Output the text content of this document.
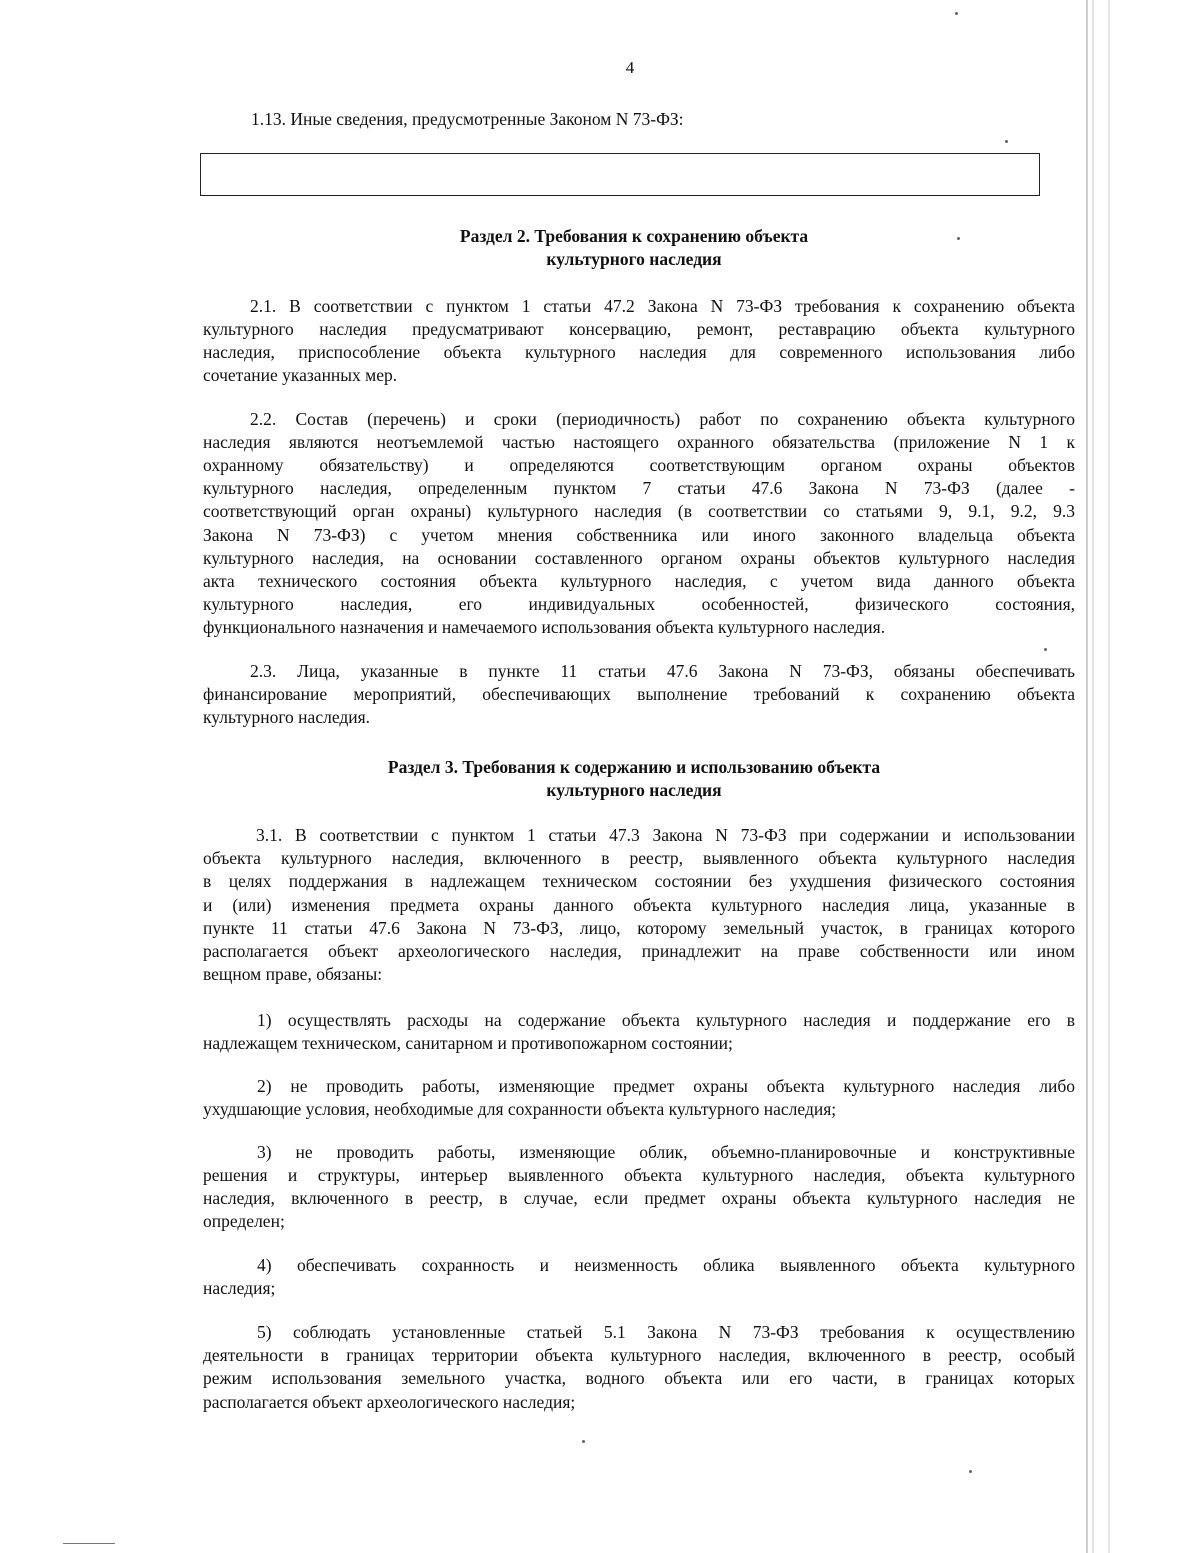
4
1.13. Иные сведения, предусмотренные Законом N 73-ФЗ:
Раздел 2. Требования к сохранению объекта
культурного наследия
2.1. В соответствии с пунктом 1 статьи 47.2 Закона N 73-ФЗ требования к сохранению объекта
культурного наследия предусматривают консервацию, ремонт, реставрацию объекта культурного
наследия, приспособление объекта культурного наследия для современного использования либо
сочетание указанных мер.
2.2. Состав (перечень) и сроки (периодичность) работ по сохранению объекта культурного
наследия являются неотъемлемой частью настоящего охранного обязательства (приложение N 1 к
охранному обязательству) и определяются соответствующим органом охраны объектов
культурного наследия, определенным пунктом 7 статьи 47.6 Закона N 73-ФЗ (далее -
соответствующий орган охраны) культурного наследия (в соответствии со статьями 9, 9.1, 9.2, 9.3
Закона N 73-ФЗ) с учетом мнения собственника или иного законного владельца объекта
культурного наследия, на основании составленного органом охраны объектов культурного наследия
акта технического состояния объекта культурного наследия, с учетом вида данного объекта
культурного наследия, его индивидуальных особенностей, физического состояния,
функционального назначения и намечаемого использования объекта культурного наследия.
2.3. Лица, указанные в пункте 11 статьи 47.6 Закона N 73-ФЗ, обязаны обеспечивать
финансирование мероприятий, обеспечивающих выполнение требований к сохранению объекта
культурного наследия.
Раздел 3. Требования к содержанию и использованию объекта
культурного наследия
3.1. В соответствии с пунктом 1 статьи 47.3 Закона N 73-ФЗ при содержании и использовании
объекта культурного наследия, включенного в реестр, выявленного объекта культурного наследия
в целях поддержания в надлежащем техническом состоянии без ухудшения физического состояния
и (или) изменения предмета охраны данного объекта культурного наследия лица, указанные в
пункте 11 статьи 47.6 Закона N 73-ФЗ, лицо, которому земельный участок, в границах которого
располагается объект археологического наследия, принадлежит на праве собственности или ином
вещном праве, обязаны:
1) осуществлять расходы на содержание объекта культурного наследия и поддержание его в
надлежащем техническом, санитарном и противопожарном состоянии;
2) не проводить работы, изменяющие предмет охраны объекта культурного наследия либо
ухудшающие условия, необходимые для сохранности объекта культурного наследия;
3) не проводить работы, изменяющие облик, объемно-планировочные и конструктивные
решения и структуры, интерьер выявленного объекта культурного наследия, объекта культурного
наследия, включенного в реестр, в случае, если предмет охраны объекта культурного наследия не
определен;
4) обеспечивать сохранность и неизменность облика выявленного объекта культурного
наследия;
5) соблюдать установленные статьей 5.1 Закона N 73-ФЗ требования к осуществлению
деятельности в границах территории объекта культурного наследия, включенного в реестр, особый
режим использования земельного участка, водного объекта или его части, в границах которых
располагается объект археологического наследия;
